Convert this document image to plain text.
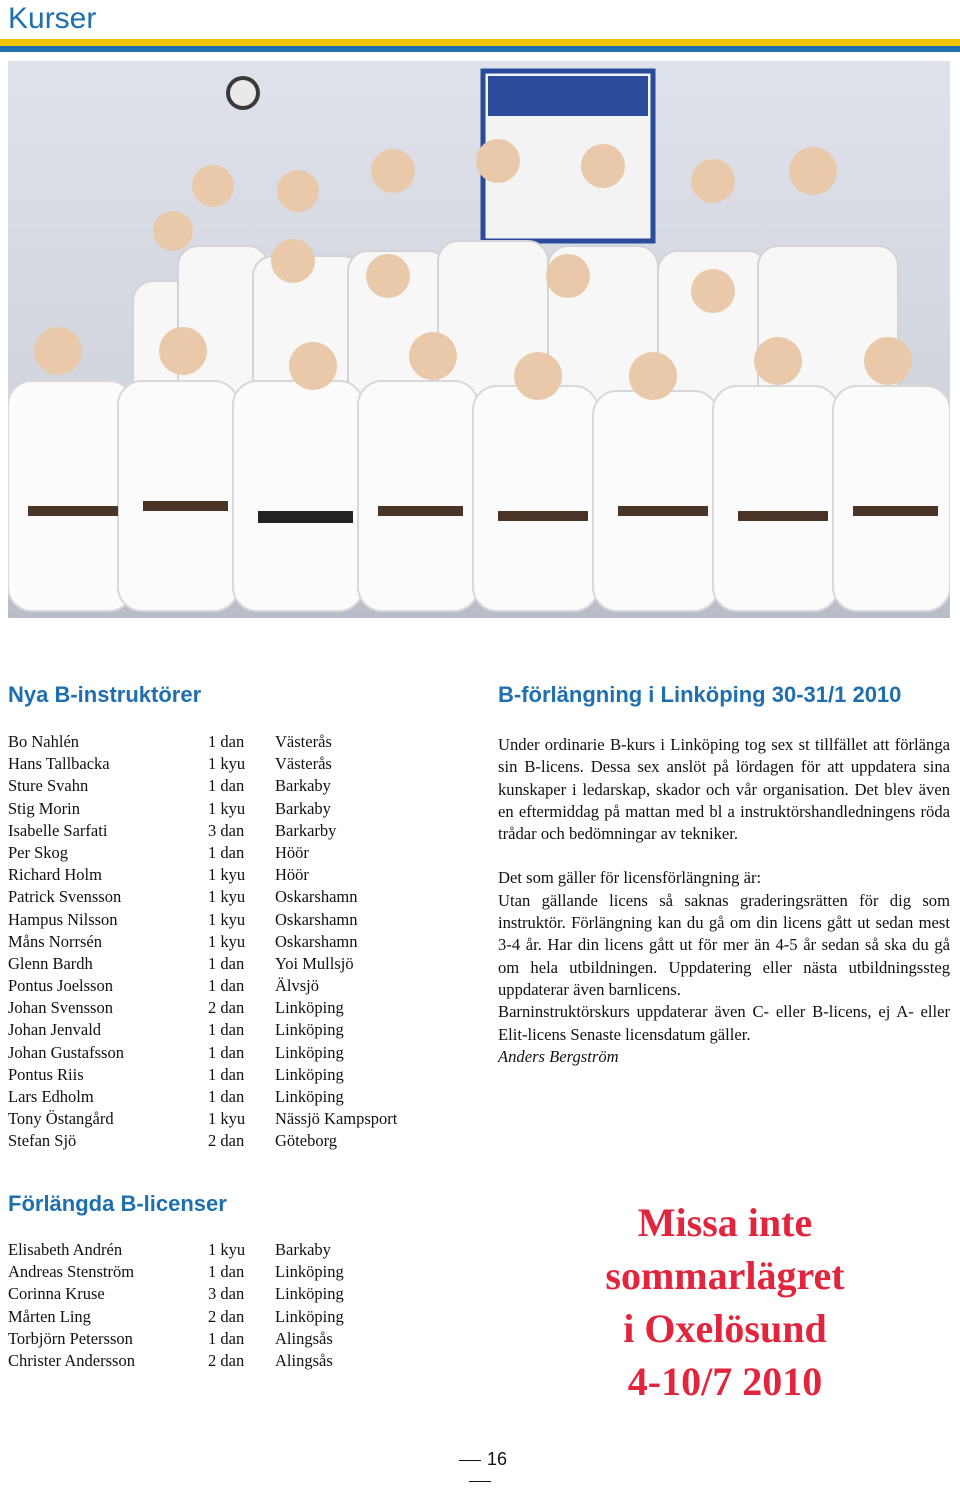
Kurser
Nya B-instruktörer
Bo Nahlén	1 dan Västerås
Hans Tallbacka	1 kyu Västerås
Sture Svahn	1 dan Barkaby
Stig Morin	1 kyu Barkaby
Isabelle Sarfati	3 dan Barkarby
Per Skog	1 dan Höör
Richard Holm	1 kyu Höör
Patrick Svensson	1 kyu Oskarshamn
Hampus Nilsson	1 kyu Oskarshamn
Måns Norrsén	1 kyu Oskarshamn
Glenn Bardh	1 dan Yoi Mullsjö
Pontus Joelsson	1 dan Älvsjö
Johan Svensson	2 dan Linköping
Johan Jenvald	1 dan Linköping
Johan Gustafsson	1 dan Linköping
Pontus Riis	1 dan Linköping
Lars Edholm	1 dan Linköping
Tony Östangård	1 kyu Nässjö Kampsport
Stefan Sjö	2 dan Göteborg
Förlängda B-licenser
Elisabeth Andrén	1 kyu Barkaby
Andreas Stenström	1 dan Linköping
Corinna Kruse	3 dan Linköping
Mårten Ling	2 dan Linköping
Torbjörn Petersson	1 dan Alingsås
Christer Andersson	2 dan Alingsås
B-förlängning i Linköping 30-31/1 2010

Under ordinarie B-kurs i Linköping tog sex st tillfället att förlänga sin B-licens. Dessa sex anslöt på lördagen för att uppdatera sina kunskaper i ledarskap, skador och vår organisation. Det blev även en eftermiddag på mattan med bl a instruktörshandledningens röda trådar och bedömningar av tekniker.

Det som gäller för licensförlängning är:

Utan gällande licens så saknas graderingsrätten för dig som instruktör. Förlängning kan du gå om din licens gått ut sedan mest 3-4 år. Har din licens gått ut för mer än 4-5 år sedan så ska du gå om hela utbildningen. Uppdatering eller nästa utbildningssteg uppdaterar även barnlicens.

Barninstruktörskurs uppdaterar även C- eller B-licens, ej A- eller Elit-licens Senaste licensdatum gäller.

Anders Bergström

Missa inte
sommarlägret
i Oxelösund
4-10/7 2010
16
